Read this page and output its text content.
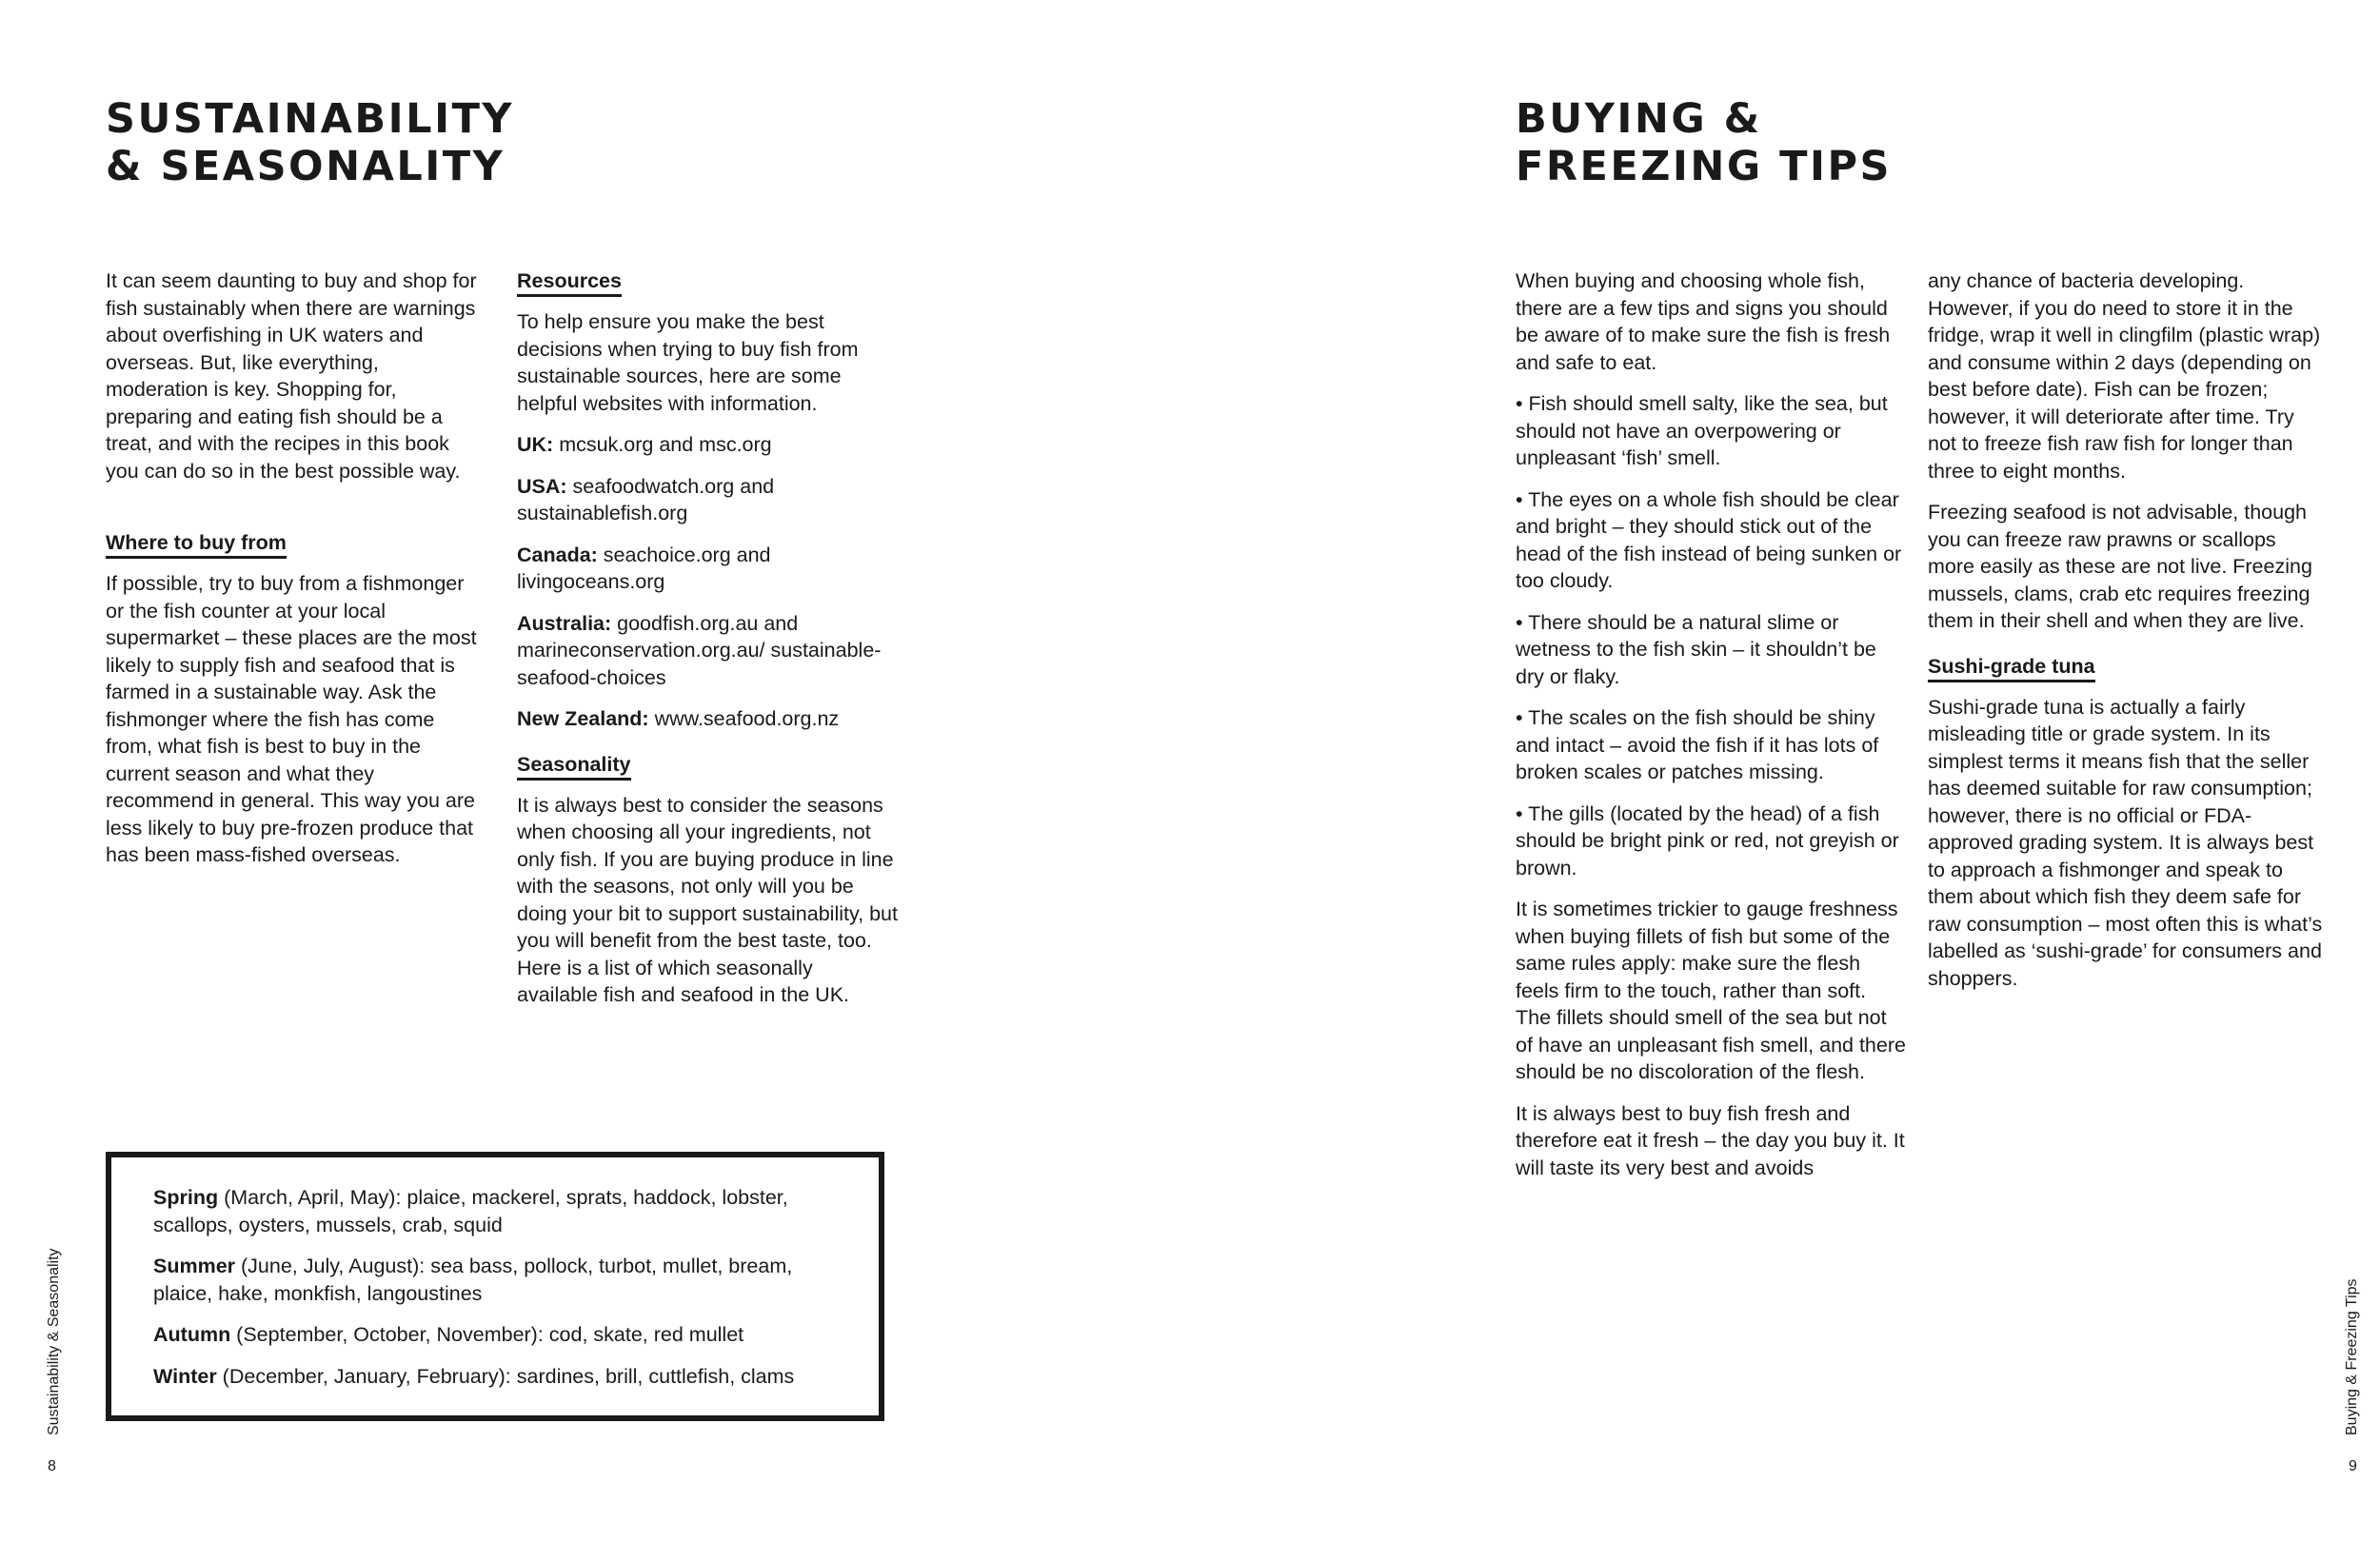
SUSTAINABILITY
& SEASONALITY

It can seem daunting to buy and shop for fish sustainably when there are warnings about overfishing in UK waters and overseas. But, like everything, moderation is key. Shopping for, preparing and eating fish should be a treat, and with the recipes in this book you can do so in the best possible way.

Where to buy from

If possible, try to buy from a fishmonger or the fish counter at your local supermarket – these places are the most likely to supply fish and seafood that is farmed in a sustainable way. Ask the fishmonger where the fish has come from, what fish is best to buy in the current season and what they recommend in general. This way you are less likely to buy pre-frozen produce that has been mass-fished overseas.

Resources

To help ensure you make the best decisions when trying to buy fish from sustainable sources, here are some helpful websites with information.

UK: mcsuk.org and msc.org

USA: seafoodwatch.org and sustainablefish.org

Canada: seachoice.org and livingoceans.org

Australia: goodfish.org.au and marineconservation.org.au/ sustainable-seafood-choices

New Zealand: www.seafood.org.nz

Seasonality

It is always best to consider the seasons when choosing all your ingredients, not only fish. If you are buying produce in line with the seasons, not only will you be doing your bit to support sustainability, but you will benefit from the best taste, too. Here is a list of which seasonally available fish and seafood in the UK.

Spring (March, April, May): plaice, mackerel, sprats, haddock, lobster, scallops, oysters, mussels, crab, squid

Summer (June, July, August): sea bass, pollock, turbot, mullet, bream, plaice, hake, monkfish, langoustines

Autumn (September, October, November): cod, skate, red mullet

Winter (December, January, February): sardines, brill, cuttlefish, clams

Sustainability & Seasonality
8
BUYING &
FREEZING TIPS

When buying and choosing whole fish, there are a few tips and signs you should be aware of to make sure the fish is fresh and safe to eat.

• Fish should smell salty, like the sea, but should not have an overpowering or unpleasant ‘fish’ smell.

• The eyes on a whole fish should be clear and bright – they should stick out of the head of the fish instead of being sunken or too cloudy.

• There should be a natural slime or wetness to the fish skin – it shouldn’t be dry or flaky.

• The scales on the fish should be shiny and intact – avoid the fish if it has lots of broken scales or patches missing.

• The gills (located by the head) of a fish should be bright pink or red, not greyish or brown.

It is sometimes trickier to gauge freshness when buying fillets of fish but some of the same rules apply: make sure the flesh feels firm to the touch, rather than soft. The fillets should smell of the sea but not of have an unpleasant fish smell, and there should be no discoloration of the flesh.

It is always best to buy fish fresh and therefore eat it fresh – the day you buy it. It will taste its very best and avoids

any chance of bacteria developing. However, if you do need to store it in the fridge, wrap it well in clingfilm (plastic wrap) and consume within 2 days (depending on best before date). Fish can be frozen; however, it will deteriorate after time. Try not to freeze fish raw fish for longer than three to eight months.

Freezing seafood is not advisable, though you can freeze raw prawns or scallops more easily as these are not live. Freezing mussels, clams, crab etc requires freezing them in their shell and when they are live.

Sushi-grade tuna

Sushi-grade tuna is actually a fairly misleading title or grade system. In its simplest terms it means fish that the seller has deemed suitable for raw consumption; however, there is no official or FDA-approved grading system. It is always best to approach a fishmonger and speak to them about which fish they deem safe for raw consumption – most often this is what’s labelled as ‘sushi-grade’ for consumers and shoppers.

Buying & Freezing Tips
9
